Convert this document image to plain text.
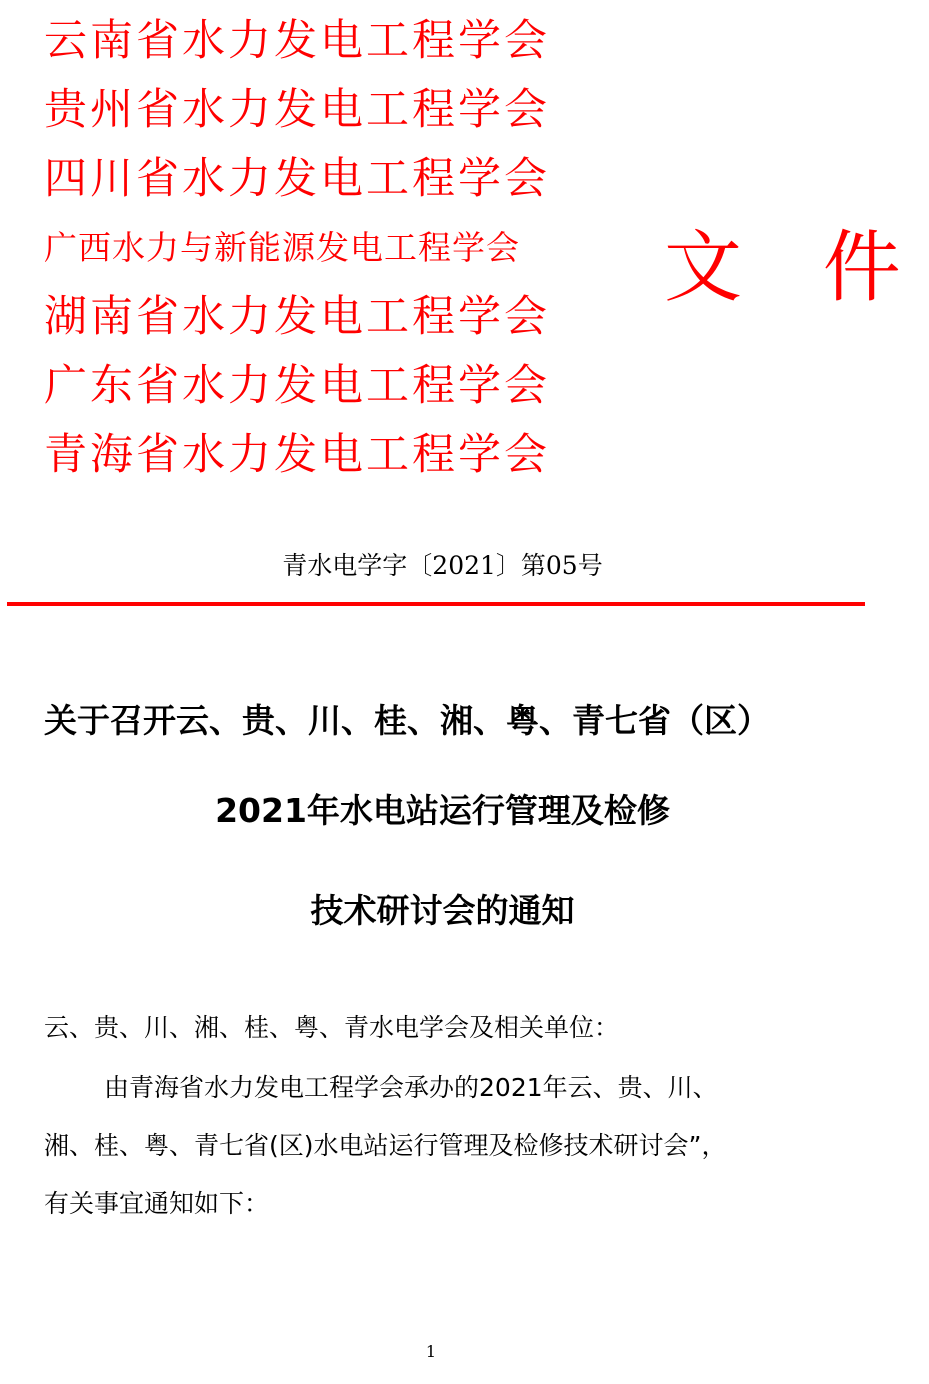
云南省水力发电工程学会
贵州省水力发电工程学会
四川省水力发电工程学会
广西水力与新能源发电工程学会
湖南省水力发电工程学会
广东省水力发电工程学会
青海省水力发电工程学会
文 件
青水电学字〔2021〕第05号
关于召开云、贵、川、桂、湘、粤、青七省（区）
2021年水电站运行管理及检修
技术研讨会的通知
云、贵、川、湘、桂、粤、青水电学会及相关单位：
由青海省水力发电工程学会承办的2021年云、贵、川、
湘、桂、粤、青七省(区)水电站运行管理及检修技术研讨会”，
有关事宜通知如下：
1
